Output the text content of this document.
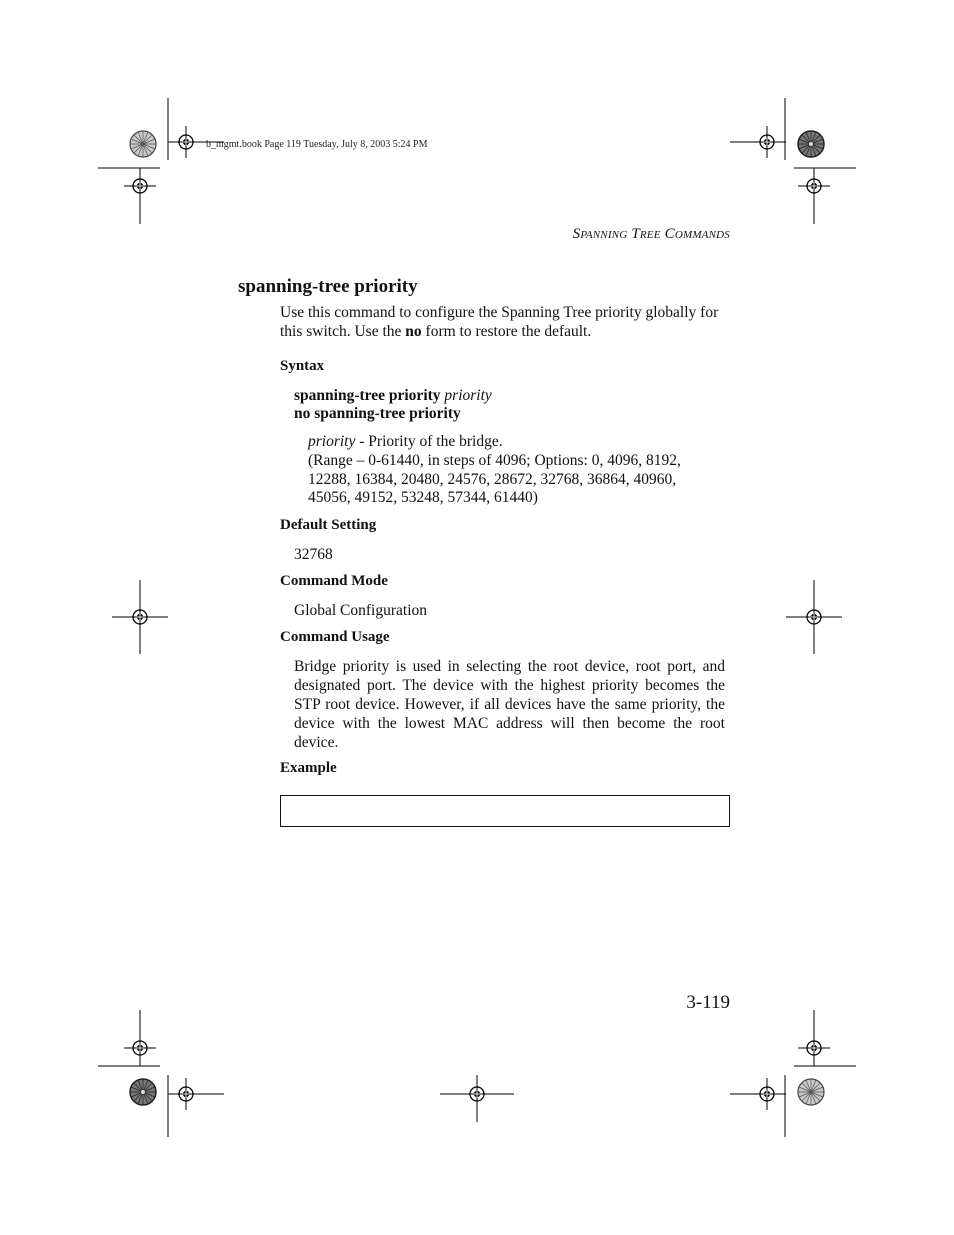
b_mgmt.book Page 119 Tuesday, July 8, 2003 5:24 PM
SPANNING TREE COMMANDS
spanning-tree priority

Use this command to configure the Spanning Tree priority globally for this switch. Use the no form to restore the default.

Syntax

spanning-tree priority priority

no spanning-tree priority

priority - Priority of the bridge.

(Range – 0-61440, in steps of 4096; Options: 0, 4096, 8192,

12288, 16384, 20480, 24576, 28672, 32768, 36864, 40960,

45056, 49152, 53248, 57344, 61440)

Default Setting

32768

Command Mode

Global Configuration

Command Usage

Bridge priority is used in selecting the root device, root port, and designated port. The device with the highest priority becomes the STP root device. However, if all devices have the same priority, the device with the lowest MAC address will then become the root device.

Example
3-119
